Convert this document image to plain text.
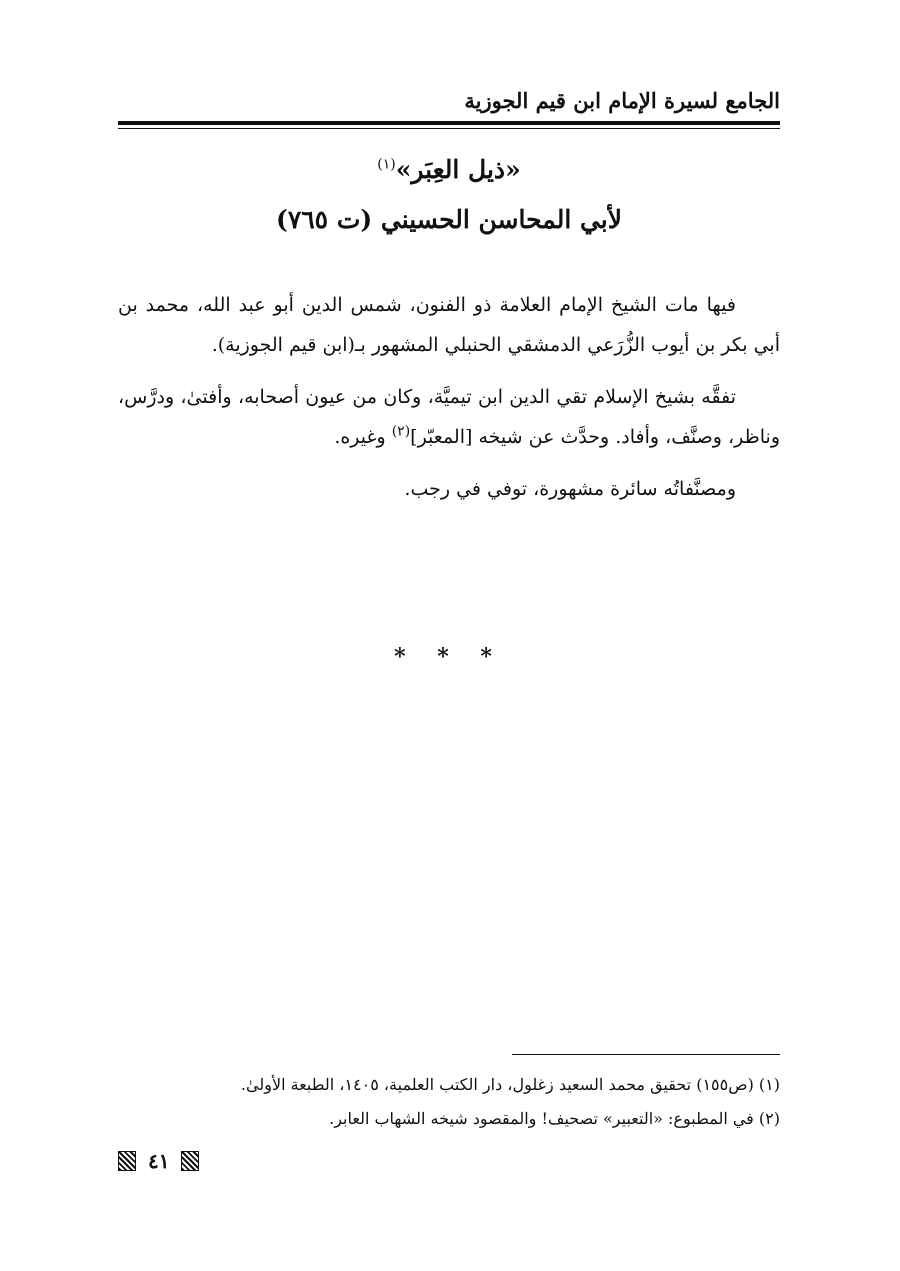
الجامع لسيرة الإمام ابن قيم الجوزية
«ذيل العِبَر»$^{(١)}$
لأبي المحاسن الحسيني (ت ٧٦٥)

فيها مات الشيخ الإمام العلامة ذو الفنون، شمس الدين أبو عبد الله، محمد بن أبي بكر بن أيوب الزُّرَعي الدمشقي الحنبلي المشهور بـ(ابن قيم الجوزية).

تفقَّه بشيخ الإسلام تقي الدين ابن تيميَّة، وكان من عيون أصحابه، وأفتىٰ، ودرَّس، وناظر، وصنَّف، وأفاد. وحدَّث عن شيخه [المعبّر]$^{(٢)}$ وغيره.

ومصنَّفاتُه سائرة مشهورة، توفي في رجب.

* * *
(١) (ص١٥٥) تحقيق محمد السعيد زغلول، دار الكتب العلمية، ١٤٠٥، الطبعة الأولىٰ.
(٢) في المطبوع: «التعبير» تصحيف! والمقصود شيخه الشهاب العابر.
٤١
